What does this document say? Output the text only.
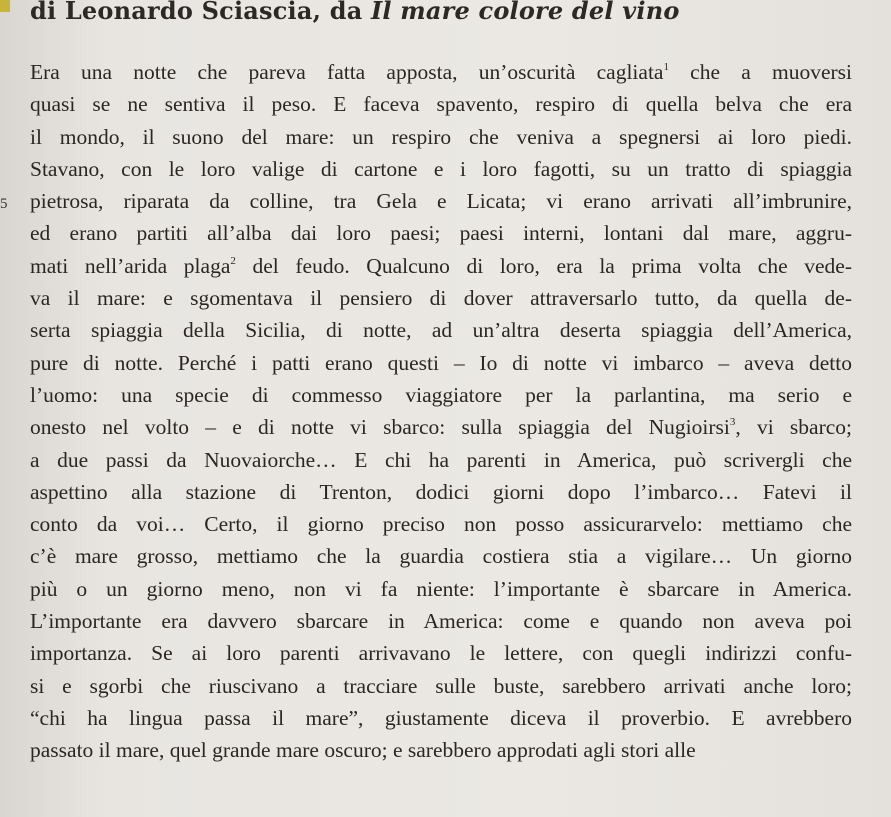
di Leonardo Sciascia, da Il mare colore del vino
5
Era una notte che pareva fatta apposta, un’oscurità cagliata$^1$ che a muoversi
quasi se ne sentiva il peso. E faceva spavento, respiro di quella belva che era
il mondo, il suono del mare: un respiro che veniva a spegnersi ai loro piedi.
Stavano, con le loro valige di cartone e i loro fagotti, su un tratto di spiaggia
pietrosa, riparata da colline, tra Gela e Licata; vi erano arrivati all’imbrunire,
ed erano partiti all’alba dai loro paesi; paesi interni, lontani dal mare, aggru-
mati nell’arida plaga$^2$ del feudo. Qualcuno di loro, era la prima volta che vede-
va il mare: e sgomentava il pensiero di dover attraversarlo tutto, da quella de-
serta spiaggia della Sicilia, di notte, ad un’altra deserta spiaggia dell’America,
pure di notte. Perché i patti erano questi – Io di notte vi imbarco – aveva detto
l’uomo: una specie di commesso viaggiatore per la parlantina, ma serio e
onesto nel volto – e di notte vi sbarco: sulla spiaggia del Nugioirsi$^3$, vi sbarco;
a due passi da Nuovaiorche… E chi ha parenti in America, può scrivergli che
aspettino alla stazione di Trenton, dodici giorni dopo l’imbarco… Fatevi il
conto da voi… Certo, il giorno preciso non posso assicurarvelo: mettiamo che
c’è mare grosso, mettiamo che la guardia costiera stia a vigilare… Un giorno
più o un giorno meno, non vi fa niente: l’importante è sbarcare in America.
L’importante era davvero sbarcare in America: come e quando non aveva poi
importanza. Se ai loro parenti arrivavano le lettere, con quegli indirizzi confu-
si e sgorbi che riuscivano a tracciare sulle buste, sarebbero arrivati anche loro;
“chi ha lingua passa il mare”, giustamente diceva il proverbio. E avrebbero
passato il mare, quel grande mare oscuro; e sarebbero approdati agli stori alle
